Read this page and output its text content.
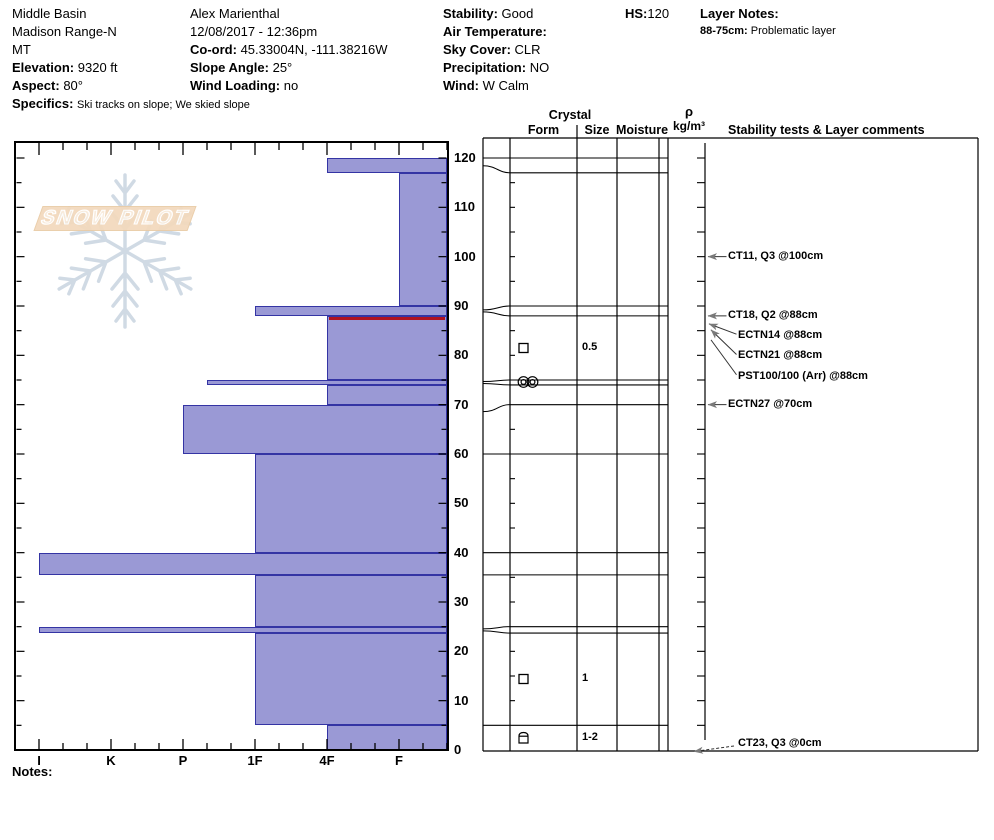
Middle Basin
Madison Range-N
MT
Elevation: 9320 ft
Aspect: 80°
Specifics: Ski tracks on slope; We skied slope
Alex Marienthal
12/08/2017 - 12:36pm
Co-ord: 45.33004N, -111.38216W
Slope Angle: 25°
Wind Loading: no
Stability: Good
Air Temperature:
Sky Cover: CLR
Precipitation: NO
Wind: W Calm
HS:120 Layer Notes:
88-75cm: Problematic layer
SNOW PILOT
120
110
100
90
80
70
60
50
40
30
20
10
0
I	K	P	1F	4F	F
Crystal
Form	Size Moisture
ρ
kg/m³	Stability tests & Layer comments
0.5
1
1-2
CT11, Q3 @100cm
CT18, Q2 @88cm
ECTN14 @88cm
ECTN21 @88cm
PST100/100 (Arr) @88cm
ECTN27 @70cm
CT23, Q3 @0cm
Notes:
